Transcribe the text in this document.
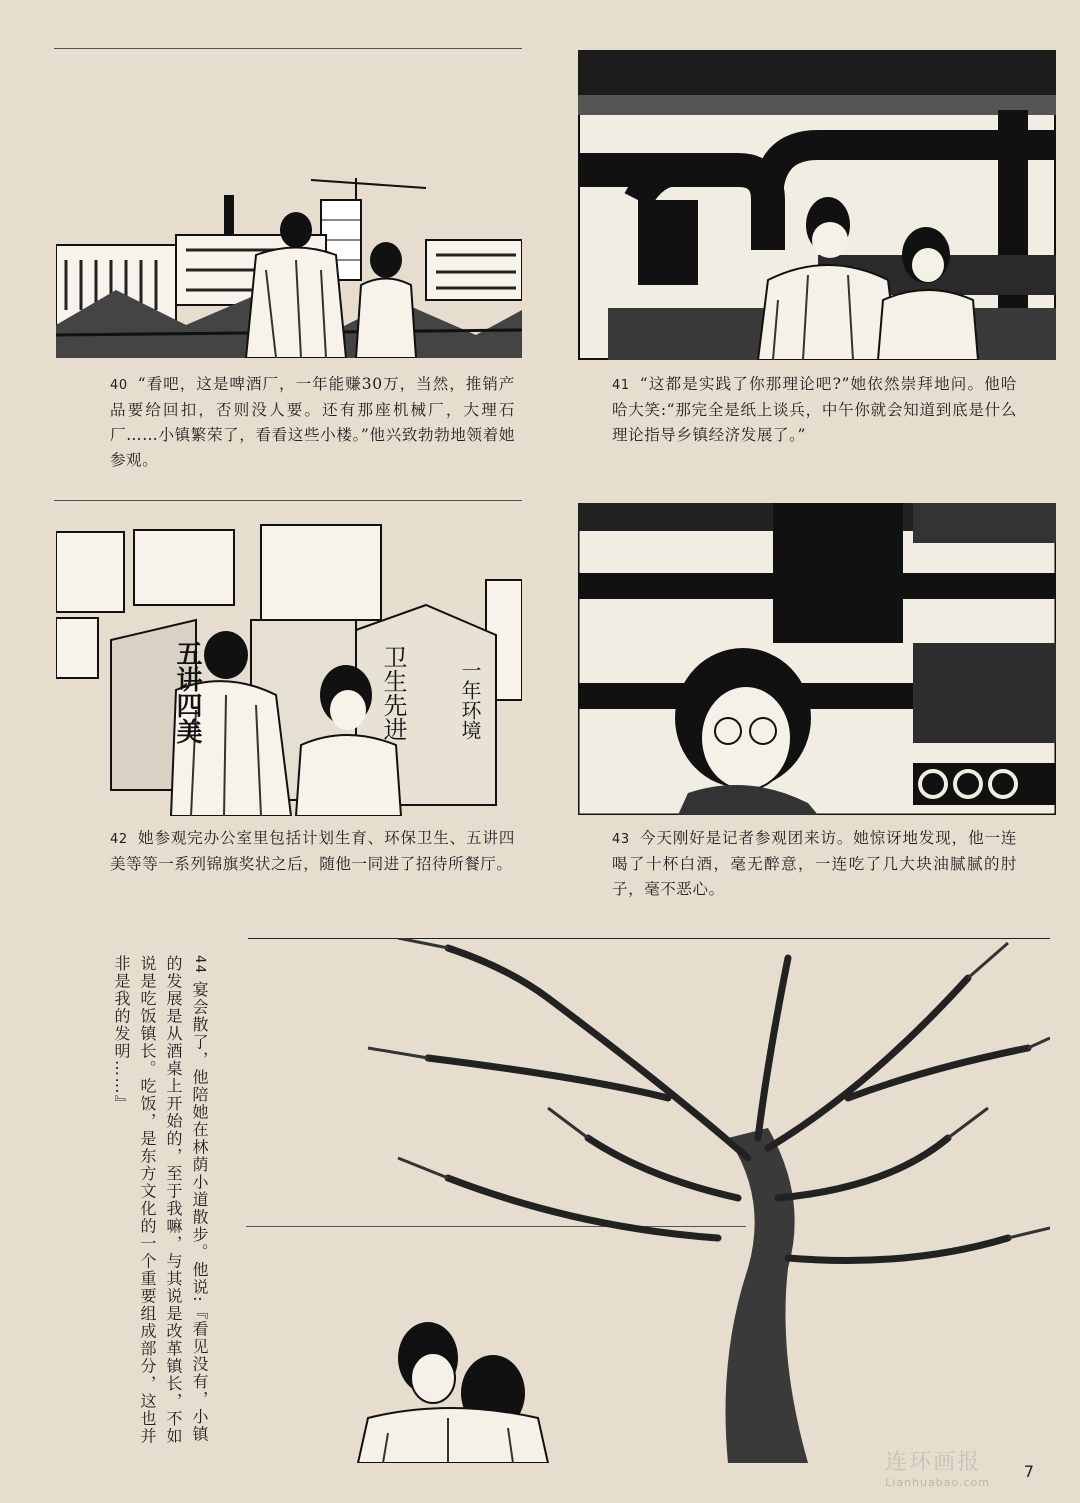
40 “看吧，这是啤酒厂，一年能赚30万，当然，推销产品要给回扣，否则没人要。还有那座机械厂，大理石厂……小镇繁荣了，看看这些小楼。”他兴致勃勃地领着她参观。
41 “这都是实践了你那理论吧?”她依然崇拜地问。他哈哈大笑:“那完全是纸上谈兵，中午你就会知道到底是什么理论指导乡镇经济发展了。”
五讲四美	卫生先进	一年环境
42 她参观完办公室里包括计划生育、环保卫生、五讲四美等等一系列锦旗奖状之后，随他一同进了招待所餐厅。
43 今天刚好是记者参观团来访。她惊讶地发现，他一连喝了十杯白酒，毫无醉意，一连吃了几大块油腻腻的肘子，毫不恶心。
44 宴会散了，他陪她在林荫小道散步。他说:『看见没有，小镇的发展是从酒桌上开始的，至于我嘛，与其说是改革镇长，不如说是吃饭镇长。吃饭，是东方文化的一个重要组成部分，这也并非是我的发明……』
连环画报
Lianhuabao.com
7
